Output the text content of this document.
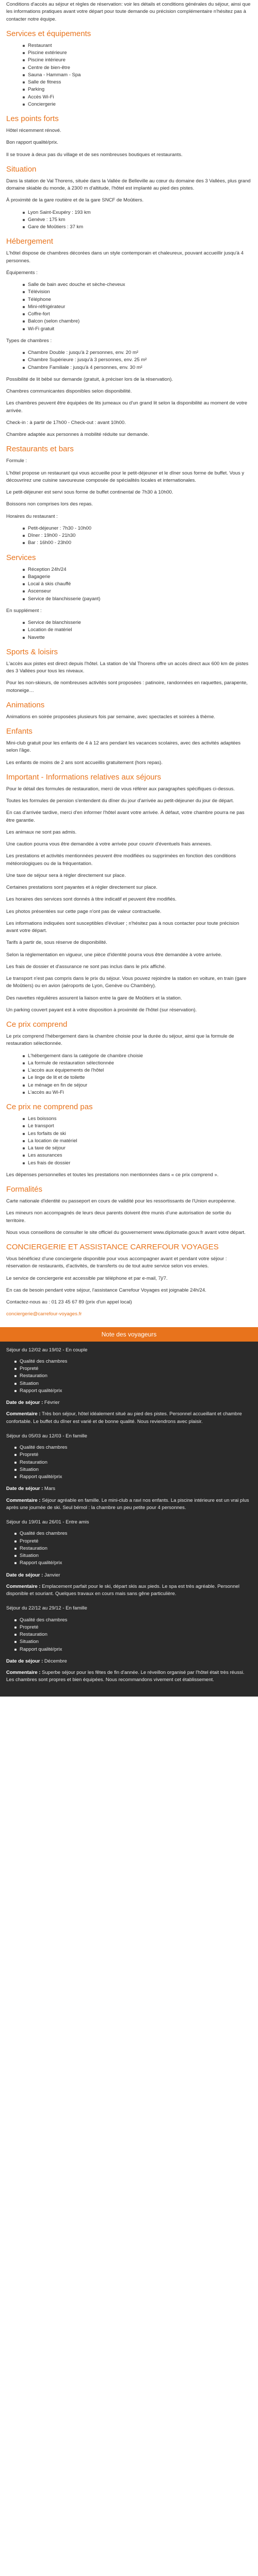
Conditions d'accès au séjour et règles de réservation: voir les détails et conditions générales du séjour, ainsi que les informations pratiques avant votre départ pour toute demande ou précision complémentaire n'hésitez pas à contacter notre équipe.

Services et équipements
Restaurant
Piscine extérieure
Piscine intérieure
Centre de bien-être
Sauna - Hammam - Spa
Salle de fitness
Parking
Accès Wi-Fi
Conciergerie
Les points forts

Hôtel récemment rénové.

Bon rapport qualité/prix.

Il se trouve à deux pas du village et de ses nombreuses boutiques et restaurants.

Situation

Dans la station de Val Thorens, située dans la Vallée de Belleville au cœur du domaine des 3 Vallées, plus grand domaine skiable du monde, à 2300 m d'altitude, l'hôtel est implanté au pied des pistes.

À proximité de la gare routière et de la gare SNCF de Moûtiers.

Lyon Saint-Exupéry : 193 km
Genève : 175 km
Gare de Moûtiers : 37 km
Hébergement

L'hôtel dispose de chambres décorées dans un style contemporain et chaleureux, pouvant accueillir jusqu'à 4 personnes.

Équipements :

Salle de bain avec douche et sèche-cheveux
Télévision
Téléphone
Mini-réfrigérateur
Coffre-fort
Balcon (selon chambre)
Wi-Fi gratuit

Types de chambres :

Chambre Double : jusqu'à 2 personnes, env. 20 m²
Chambre Supérieure : jusqu'à 3 personnes, env. 25 m²
Chambre Familiale : jusqu'à 4 personnes, env. 30 m²

Possibilité de lit bébé sur demande (gratuit, à préciser lors de la réservation).

Chambres communicantes disponibles selon disponibilité.

Les chambres peuvent être équipées de lits jumeaux ou d'un grand lit selon la disponibilité au moment de votre arrivée.

Check-in : à partir de 17h00 - Check-out : avant 10h00.

Chambre adaptée aux personnes à mobilité réduite sur demande.

Restaurants et bars

Formule :

L'hôtel propose un restaurant qui vous accueille pour le petit-déjeuner et le dîner sous forme de buffet. Vous y découvrirez une cuisine savoureuse composée de spécialités locales et internationales.

Le petit-déjeuner est servi sous forme de buffet continental de 7h30 à 10h00.

Boissons non comprises lors des repas.

Horaires du restaurant :

Petit-déjeuner : 7h30 - 10h00
Dîner : 19h00 - 21h30
Bar : 16h00 - 23h00
Services
Réception 24h/24
Bagagerie
Local à skis chauffé
Ascenseur
Service de blanchisserie (payant)

En supplément :

Service de blanchisserie
Location de matériel
Navette
Sports & loisirs

L'accès aux pistes est direct depuis l'hôtel. La station de Val Thorens offre un accès direct aux 600 km de pistes des 3 Vallées pour tous les niveaux.

Pour les non-skieurs, de nombreuses activités sont proposées : patinoire, randonnées en raquettes, parapente, motoneige…

Animations

Animations en soirée proposées plusieurs fois par semaine, avec spectacles et soirées à thème.

Enfants

Mini-club gratuit pour les enfants de 4 à 12 ans pendant les vacances scolaires, avec des activités adaptées selon l'âge.

Les enfants de moins de 2 ans sont accueillis gratuitement (hors repas).

Important - Informations relatives aux séjours

Pour le détail des formules de restauration, merci de vous référer aux paragraphes spécifiques ci-dessus.

Toutes les formules de pension s'entendent du dîner du jour d'arrivée au petit-déjeuner du jour de départ.

En cas d'arrivée tardive, merci d'en informer l'hôtel avant votre arrivée. À défaut, votre chambre pourra ne pas être garantie.

Les animaux ne sont pas admis.

Une caution pourra vous être demandée à votre arrivée pour couvrir d'éventuels frais annexes.

Les prestations et activités mentionnées peuvent être modifiées ou supprimées en fonction des conditions météorologiques ou de la fréquentation.

Une taxe de séjour sera à régler directement sur place.

Certaines prestations sont payantes et à régler directement sur place.

Les horaires des services sont donnés à titre indicatif et peuvent être modifiés.

Les photos présentées sur cette page n'ont pas de valeur contractuelle.

Les informations indiquées sont susceptibles d'évoluer ; n'hésitez pas à nous contacter pour toute précision avant votre départ.

Tarifs à partir de, sous réserve de disponibilité.

Selon la réglementation en vigueur, une pièce d'identité pourra vous être demandée à votre arrivée.

Les frais de dossier et d'assurance ne sont pas inclus dans le prix affiché.

Le transport n'est pas compris dans le prix du séjour. Vous pouvez rejoindre la station en voiture, en train (gare de Moûtiers) ou en avion (aéroports de Lyon, Genève ou Chambéry).

Des navettes régulières assurent la liaison entre la gare de Moûtiers et la station.

Un parking couvert payant est à votre disposition à proximité de l'hôtel (sur réservation).

Ce prix comprend

Le prix comprend l'hébergement dans la chambre choisie pour la durée du séjour, ainsi que la formule de restauration sélectionnée.

L'hébergement dans la catégorie de chambre choisie
La formule de restauration sélectionnée
L'accès aux équipements de l'hôtel
Le linge de lit et de toilette
Le ménage en fin de séjour
L'accès au Wi-Fi
Ce prix ne comprend pas
Les boissons
Le transport
Les forfaits de ski
La location de matériel
La taxe de séjour
Les assurances
Les frais de dossier

Les dépenses personnelles et toutes les prestations non mentionnées dans « ce prix comprend ».

Formalités

Carte nationale d'identité ou passeport en cours de validité pour les ressortissants de l'Union européenne.

Les mineurs non accompagnés de leurs deux parents doivent être munis d'une autorisation de sortie du territoire.

Nous vous conseillons de consulter le site officiel du gouvernement www.diplomatie.gouv.fr avant votre départ.

CONCIERGERIE ET ASSISTANCE CARREFOUR VOYAGES

Vous bénéficiez d'une conciergerie disponible pour vous accompagner avant et pendant votre séjour : réservation de restaurants, d'activités, de transferts ou de tout autre service selon vos envies.

Le service de conciergerie est accessible par téléphone et par e-mail, 7j/7.

En cas de besoin pendant votre séjour, l'assistance Carrefour Voyages est joignable 24h/24.

Contactez-nous au : 01 23 45 67 89 (prix d'un appel local)

conciergerie@carrefour-voyages.fr

Note des voyageurs

Séjour du 12/02 au 19/02 - En couple

Qualité des chambres
Propreté
Restauration
Situation
Rapport qualité/prix

Date de séjour : Février

Commentaire : Très bon séjour, hôtel idéalement situé au pied des pistes. Personnel accueillant et chambre confortable. Le buffet du dîner est varié et de bonne qualité. Nous reviendrons avec plaisir.

Séjour du 05/03 au 12/03 - En famille

Qualité des chambres
Propreté
Restauration
Situation
Rapport qualité/prix

Date de séjour : Mars

Commentaire : Séjour agréable en famille. Le mini-club a ravi nos enfants. La piscine intérieure est un vrai plus après une journée de ski. Seul bémol : la chambre un peu petite pour 4 personnes.

Séjour du 19/01 au 26/01 - Entre amis

Qualité des chambres
Propreté
Restauration
Situation
Rapport qualité/prix

Date de séjour : Janvier

Commentaire : Emplacement parfait pour le ski, départ skis aux pieds. Le spa est très agréable. Personnel disponible et souriant. Quelques travaux en cours mais sans gêne particulière.

Séjour du 22/12 au 29/12 - En famille

Qualité des chambres
Propreté
Restauration
Situation
Rapport qualité/prix

Date de séjour : Décembre

Commentaire : Superbe séjour pour les fêtes de fin d'année. Le réveillon organisé par l'hôtel était très réussi. Les chambres sont propres et bien équipées. Nous recommandons vivement cet établissement.
